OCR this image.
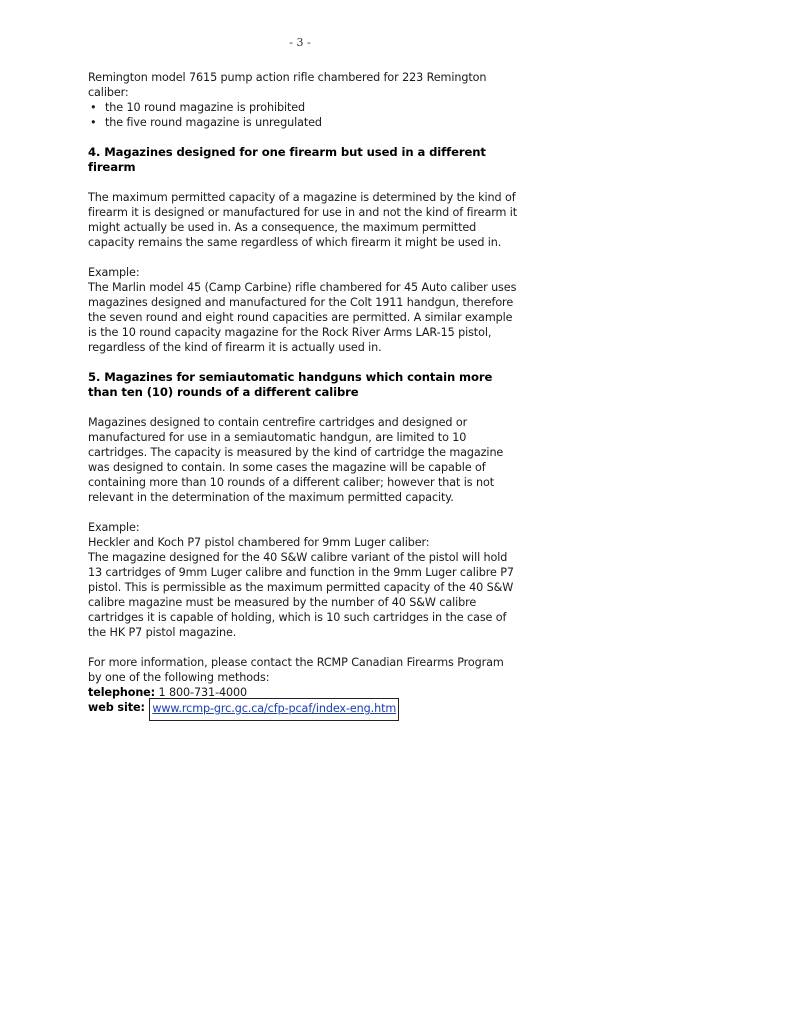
- 3 -

Remington model 7615 pump action rifle chambered for 223 Remington caliber:

• the 10 round magazine is prohibited
• the five round magazine is unregulated
4. Magazines designed for one firearm but used in a different firearm

The maximum permitted capacity of a magazine is determined by the kind of firearm it is designed or manufactured for use in and not the kind of firearm it might actually be used in. As a consequence, the maximum permitted capacity remains the same regardless of which firearm it might be used in.

Example:

The Marlin model 45 (Camp Carbine) rifle chambered for 45 Auto caliber uses magazines designed and manufactured for the Colt 1911 handgun, therefore the seven round and eight round capacities are permitted. A similar example is the 10 round capacity magazine for the Rock River Arms LAR-15 pistol, regardless of the kind of firearm it is actually used in.

5. Magazines for semiautomatic handguns which contain more than ten (10) rounds of a different calibre

Magazines designed to contain centrefire cartridges and designed or manufactured for use in a semiautomatic handgun, are limited to 10 cartridges. The capacity is measured by the kind of cartridge the magazine was designed to contain. In some cases the magazine will be capable of containing more than 10 rounds of a different caliber; however that is not relevant in the determination of the maximum permitted capacity.

Example:

Heckler and Koch P7 pistol chambered for 9mm Luger caliber:

The magazine designed for the 40 S&W calibre variant of the pistol will hold 13 cartridges of 9mm Luger calibre and function in the 9mm Luger calibre P7 pistol. This is permissible as the maximum permitted capacity of the 40 S&W calibre magazine must be measured by the number of 40 S&W calibre cartridges it is capable of holding, which is 10 such cartridges in the case of the HK P7 pistol magazine.

For more information, please contact the RCMP Canadian Firearms Program by one of the following methods:

telephone: 1 800-731-4000

web site: www.rcmp-grc.gc.ca/cfp-pcaf/index-eng.htm
